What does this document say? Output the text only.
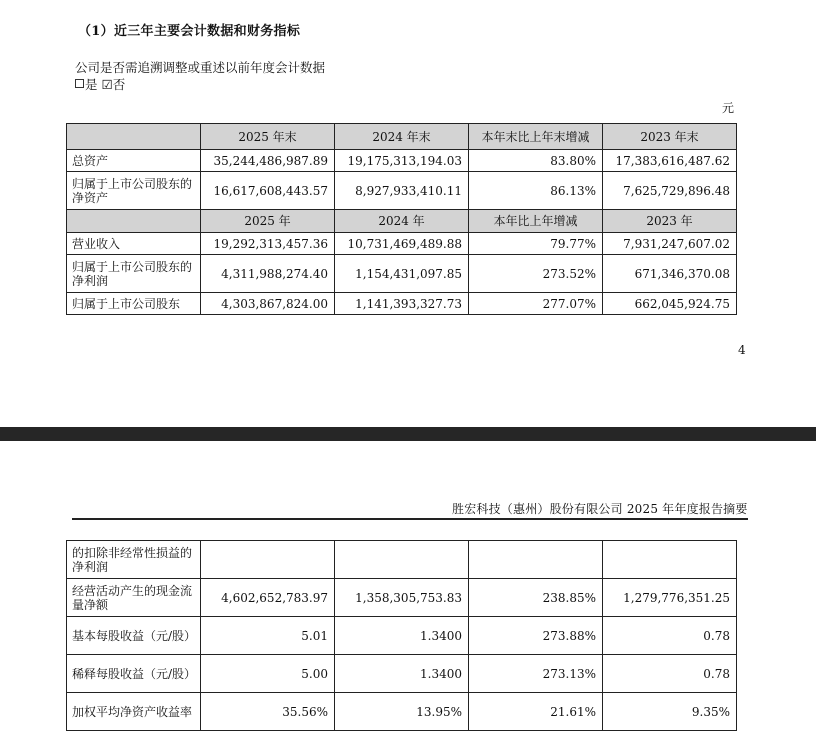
（1）近三年主要会计数据和财务指标
公司是否需追溯调整或重述以前年度会计数据
是 ☑否
元
	2025 年末	2024 年末	本年末比上年末增减	2023 年末
总资产	35,244,486,987.89	19,175,313,194.03	83.80%	17,383,616,487.62
归属于上市公司股东的净资产	16,617,608,443.57	8,927,933,410.11	86.13%	7,625,729,896.48
	2025 年	2024 年	本年比上年增减	2023 年
营业收入	19,292,313,457.36	10,731,469,489.88	79.77%	7,931,247,607.02
归属于上市公司股东的净利润	4,311,988,274.40	1,154,431,097.85	273.52%	671,346,370.08
归属于上市公司股东	4,303,867,824.00	1,141,393,327.73	277.07%	662,045,924.75
4
胜宏科技（惠州）股份有限公司 2025 年年度报告摘要
的扣除非经常性损益的净利润				
经营活动产生的现金流量净额	4,602,652,783.97	1,358,305,753.83	238.85%	1,279,776,351.25
基本每股收益（元/股）	5.01	1.3400	273.88%	0.78
稀释每股收益（元/股）	5.00	1.3400	273.13%	0.78
加权平均净资产收益率	35.56%	13.95%	21.61%	9.35%
